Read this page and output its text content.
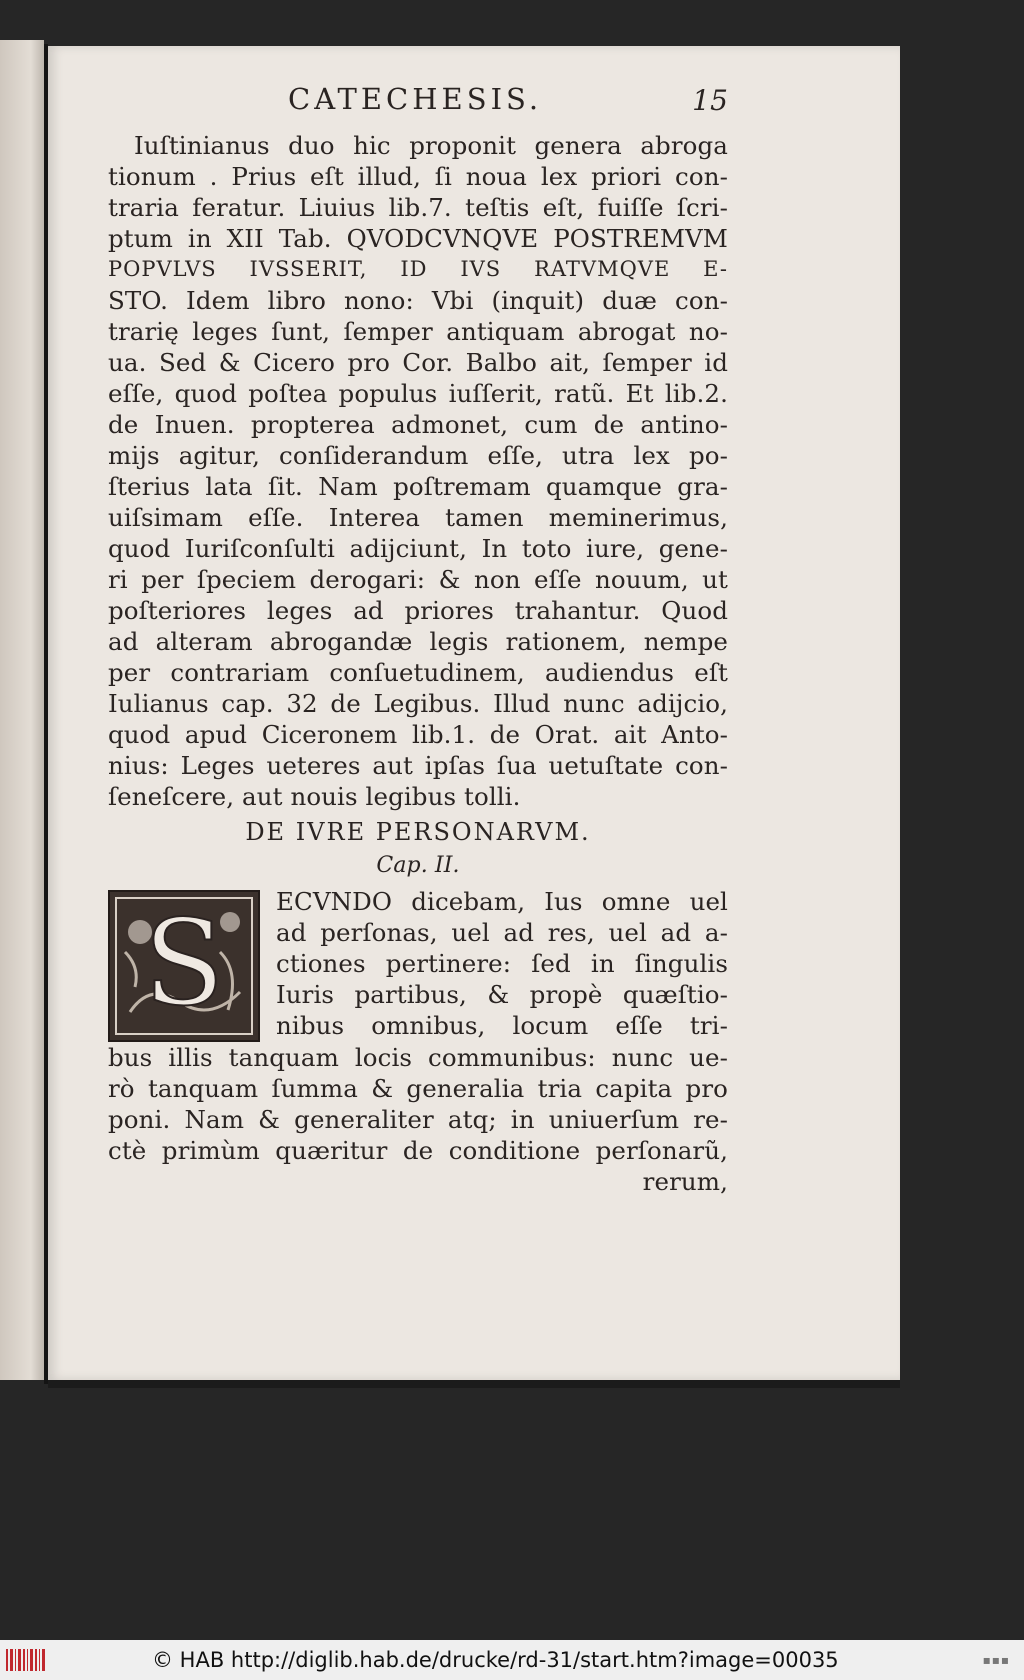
CATECHESIS.	15
Iuſtinianus duo hic proponit genera abroga
tionum . Prius eſt illud, ſi noua lex priori con-
traria feratur. Liuius lib.7. teſtis eſt, fuiſſe ſcri-
ptum in XII Tab. QVODCVNQVE POSTREMVM
POPVLVS IVSSERIT, ID IVS RATVMQVE E-
STO. Idem libro nono: Vbi (inquit) duæ con-
trarię leges ſunt, ſemper antiquam abrogat no-
ua. Sed & Cicero pro Cor. Balbo ait, ſemper id
eſſe, quod poſtea populus iuſſerit, ratũ. Et lib.2.
de Inuen. propterea admonet, cum de antino-
mijs agitur, conſiderandum eſſe, utra lex po-
ſterius lata ſit. Nam poſtremam quamque gra-
uiſsimam eſſe. Interea tamen meminerimus,
quod Iuriſconſulti adijciunt, In toto iure, gene-
ri per ſpeciem derogari: & non eſſe nouum, ut
poſteriores leges ad priores trahantur. Quod
ad alteram abrogandæ legis rationem, nempe
per contrariam conſuetudinem, audiendus eſt
Iulianus cap. 32 de Legibus. Illud nunc adijcio,
quod apud Ciceronem lib.1. de Orat. ait Anto-
nius: Leges ueteres aut ipſas ſua uetuſtate con-
ſeneſcere, aut nouis legibus tolli.
DE IVRE PERSONARVM.
Cap. II.
S ECVNDO dicebam, Ius omne uel
ad perſonas, uel ad res, uel ad a-
ctiones pertinere: ſed in ſingulis
Iuris partibus, & propè quæſtio-
nibus omnibus, locum eſſe tri-
bus illis tanquam locis communibus: nunc ue-
rò tanquam ſumma & generalia tria capita pro
poni. Nam & generaliter atq; in uniuerſum re-
ctè primùm quæritur de conditione perſonarũ,
rerum,
© HAB http://diglib.hab.de/drucke/rd-31/start.htm?image=00035	▪▪▪
